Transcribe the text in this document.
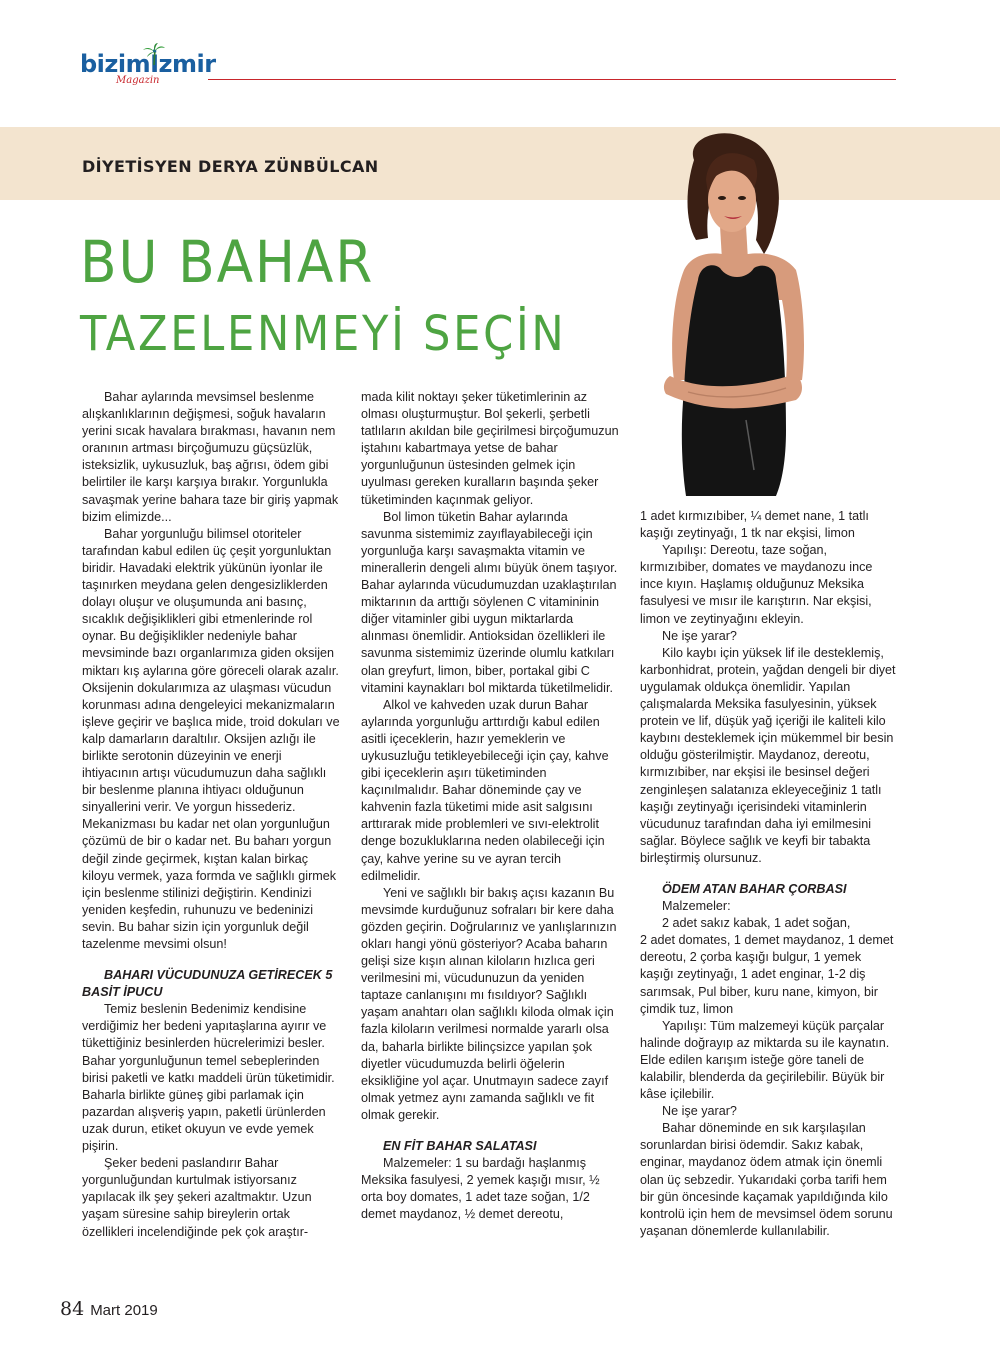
bizimİzmir
Magazin
DİYETİSYEN DERYA ZÜNBÜLCAN
BU BAHAR
TAZELENMEYİ SEÇİN

Bahar aylarında mevsimsel beslenme alışkanlıklarının değişmesi, soğuk havaların yerini sıcak havalara bırakması, havanın nem oranının artması birçoğumuzu güçsüzlük, isteksizlik, uykusuzluk, baş ağrısı, ödem gibi belirtiler ile karşı karşıya bırakır. Yorgunlukla savaşmak yerine bahara taze bir giriş yapmak bizim elimizde...

Bahar yorgunluğu bilimsel otoriteler tarafından kabul edilen üç çeşit yorgunluktan biridir. Havadaki elektrik yükünün iyonlar ile taşınırken meydana gelen dengesizliklerden dolayı oluşur ve oluşumunda ani basınç, sıcaklık değişiklikleri gibi etmenlerinde rol oynar. Bu değişiklikler nedeniyle bahar mevsiminde bazı organlarımıza giden oksijen miktarı kış aylarına göre göreceli olarak azalır. Oksijenin dokularımıza az ulaşması vücudun korunması adına dengeleyici mekanizmaların işleve geçirir ve başlıca mide, troid dokuları ve kalp damarların daraltılır. Oksijen azlığı ile birlikte serotonin düzeyinin ve enerji ihtiyacının artışı vücudumuzun daha sağlıklı bir beslenme planına ihtiyacı olduğunun sinyallerini verir. Ve yorgun hissederiz. Mekanizması bu kadar net olan yorgunluğun çözümü de bir o kadar net. Bu baharı yorgun değil zinde geçirmek, kıştan kalan birkaç kiloyu vermek, yaza formda ve sağlıklı girmek için beslenme stilinizi değiştirin. Kendinizi yeniden keşfedin, ruhunuzu ve bedeninizi sevin. Bu bahar sizin için yorgunluk değil tazelenme mevsimi olsun!

BAHARI VÜCUDUNUZA GETİRECEK 5 BASİT İPUCU

Temiz beslenin Bedenimiz kendisine verdiğimiz her bedeni yapıtaşlarına ayırır ve tükettiğiniz besinlerden hücrelerimizi besler. Bahar yorgunluğunun temel sebeplerinden birisi paketli ve katkı maddeli ürün tüketimidir. Baharla birlikte güneş gibi parlamak için pazardan alışveriş yapın, paketli ürünlerden uzak durun, etiket okuyun ve evde yemek pişirin.

Şeker bedeni paslandırır Bahar yorgunluğundan kurtulmak istiyorsanız yapılacak ilk şey şekeri azaltmaktır. Uzun yaşam süresine sahip bireylerin ortak özellikleri incelendiğinde pek çok araştır-

mada kilit noktayı şeker tüketimlerinin az olması oluşturmuştur. Bol şekerli, şerbetli tatlıların akıldan bile geçirilmesi birçoğumuzun iştahını kabartmaya yetse de bahar yorgunluğunun üstesinden gelmek için uyulması gereken kuralların başında şeker tüketiminden kaçınmak geliyor.

Bol limon tüketin Bahar aylarında savunma sistemimiz zayıflayabileceği için yorgunluğa karşı savaşmakta vitamin ve minerallerin dengeli alımı büyük önem taşıyor. Bahar aylarında vücudumuzdan uzaklaştırılan miktarının da arttığı söylenen C vitamininin diğer vitaminler gibi uygun miktarlarda alınması önemlidir. Antioksidan özellikleri ile savunma sistemimiz üzerinde olumlu katkıları olan greyfurt, limon, biber, portakal gibi C vitamini kaynakları bol miktarda tüketilmelidir.

Alkol ve kahveden uzak durun Bahar aylarında yorgunluğu arttırdığı kabul edilen asitli içeceklerin, hazır yemeklerin ve uykusuzluğu tetikleyebileceği için çay, kahve gibi içeceklerin aşırı tüketiminden kaçınılmalıdır. Bahar döneminde çay ve kahvenin fazla tüketimi mide asit salgısını arttırarak mide problemleri ve sıvı-elektrolit denge bozukluklarına neden olabileceği için çay, kahve yerine su ve ayran tercih edilmelidir.

Yeni ve sağlıklı bir bakış açısı kazanın Bu mevsimde kurduğunuz sofraları bir kere daha gözden geçirin. Doğrularınız ve yanlışlarınızın okları hangi yönü gösteriyor? Acaba baharın gelişi size kışın alınan kiloların hızlıca geri verilmesini mi, vücudunuzun da yeniden taptaze canlanışını mı fısıldıyor? Sağlıklı yaşam anahtarı olan sağlıklı kiloda olmak için fazla kiloların verilmesi normalde yararlı olsa da, baharla birlikte bilinçsizce yapılan şok diyetler vücudumuzda belirli öğelerin eksikliğine yol açar. Unutmayın sadece zayıf olmak yetmez aynı zamanda sağlıklı ve fit olmak gerekir.

EN FİT BAHAR SALATASI

Malzemeler: 1 su bardağı haşlanmış Meksika fasulyesi, 2 yemek kaşığı mısır, ½ orta boy domates, 1 adet taze soğan, 1/2 demet maydanoz, ½ demet dereotu,

1 adet kırmızıbiber, ¼ demet nane, 1 tatlı kaşığı zeytinyağı, 1 tk nar ekşisi, limon

Yapılışı: Dereotu, taze soğan, kırmızıbiber, domates ve maydanozu ince ince kıyın. Haşlamış olduğunuz Meksika fasulyesi ve mısır ile karıştırın. Nar ekşisi, limon ve zeytinyağını ekleyin.

Ne işe yarar?

Kilo kaybı için yüksek lif ile desteklemiş, karbonhidrat, protein, yağdan dengeli bir diyet uygulamak oldukça önemlidir. Yapılan çalışmalarda Meksika fasulyesinin, yüksek protein ve lif, düşük yağ içeriği ile kaliteli kilo kaybını desteklemek için mükemmel bir besin olduğu gösterilmiştir. Maydanoz, dereotu, kırmızıbiber, nar ekşisi ile besinsel değeri zenginleşen salatanıza ekleyeceğiniz 1 tatlı kaşığı zeytinyağı içerisindeki vitaminlerin vücudunuz tarafından daha iyi emilmesini sağlar. Böylece sağlık ve keyfi bir tabakta birleştirmiş olursunuz.

ÖDEM ATAN BAHAR ÇORBASI

Malzemeler:

2 adet sakız kabak, 1 adet soğan,

2 adet domates, 1 demet maydanoz, 1 demet dereotu, 2 çorba kaşığı bulgur, 1 yemek kaşığı zeytinyağı, 1 adet enginar, 1-2 diş sarımsak, Pul biber, kuru nane, kimyon, bir çimdik tuz, limon

Yapılışı: Tüm malzemeyi küçük parçalar halinde doğrayıp az miktarda su ile kaynatın. Elde edilen karışım isteğe göre taneli de kalabilir, blenderda da geçirilebilir. Büyük bir kâse içilebilir.

Ne işe yarar?

Bahar döneminde en sık karşılaşılan sorunlardan birisi ödemdir. Sakız kabak, enginar, maydanoz ödem atmak için önemli olan üç sebzedir. Yukarıdaki çorba tarifi hem bir gün öncesinde kaçamak yapıldığında kilo kontrolü için hem de mevsimsel ödem sorunu yaşanan dönemlerde kullanılabilir.

84 Mart 2019
